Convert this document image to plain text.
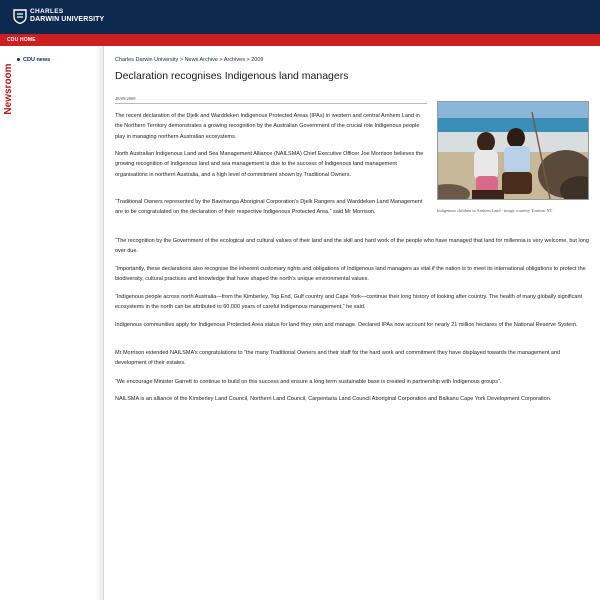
CHARLES
DARWIN UNIVERSITY
CDU HOME
Newsroom
CDU news	Charles Darwin University > News Archive > Archives > 2009
Declaration recognises Indigenous land managers
28/09/2009
Indigenous children in Arnhem Land - image courtesy Tourism NT

The recent declaration of the Djelk and Warddeken Indigenous Protected Areas (IPAs) in western and central Arnhem Land in the Northern Territory demonstrates a growing recognition by the Australian Government of the crucial role Indigenous people play in managing northern Australian ecosystems.

North Australian Indigenous Land and Sea Management Alliance (NAILSMA) Chief Executive Officer Joe Morrison believes the growing recognition of Indigenous land and sea management is due to the success of Indigenous land management organisations in northern Australia, and a high level of commitment shown by Traditional Owners.

“Traditional Owners represented by the Bawinanga Aboriginal Corporation’s Djelk Rangers and Warddeken Land Management are to be congratulated on the declaration of their respective Indigenous Protected Area,” said Mr Morrison.

“The recognition by the Government of the ecological and cultural values of their land and the skill and hard work of the people who have managed that land for millennia is very welcome, but long over due.

“Importantly, these declarations also recognise the inherent customary rights and obligations of Indigenous land managers as vital if the nation is to meet its international obligations to protect the biodiversity, cultural practices and knowledge that have shaped the north’s unique environmental values.

“Indigenous people across north Australia—from the Kimberley, Top End, Gulf country and Cape York—continue their long history of looking after country. The health of many globally significant ecosystems in the north can be attributed to 60,000 years of careful Indigenous management,” he said.

Indigenous communities apply for Indigenous Protected Area status for land they own and manage. Declared IPAs now account for nearly 21 million hectares of the National Reserve System.

Mr Morrison extended NAILSMA’s congratulations to “the many Traditional Owners and their staff for the hard work and commitment they have displayed towards the management and development of their estates.

“We encourage Minister Garrett to continue to build on this success and ensure a long term sustainable base is created in partnership with Indigenous groups”.

NAILSMA is an alliance of the Kimberley Land Council, Northern Land Council, Carpentaria Land Council Aboriginal Corporation and Balkanu Cape York Development Corporation.
